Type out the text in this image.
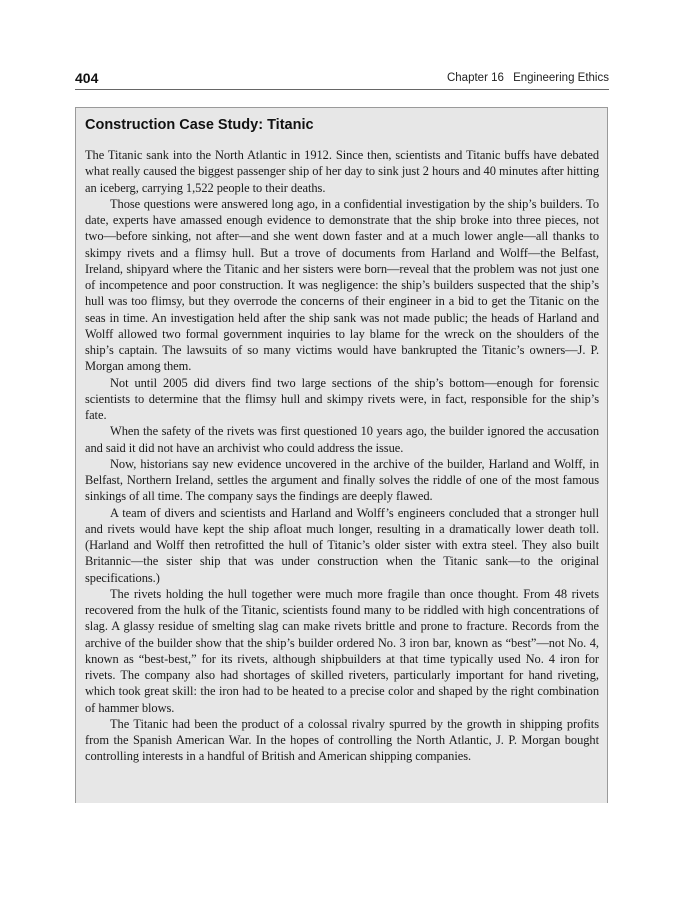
404	Chapter 16 Engineering Ethics
Construction Case Study: Titanic

The Titanic sank into the North Atlantic in 1912. Since then, scientists and Titanic buffs have debated what really caused the biggest passenger ship of her day to sink just 2 hours and 40 minutes after hitting an iceberg, carrying 1,522 people to their deaths.

Those questions were answered long ago, in a confidential investigation by the ship’s builders. To date, experts have amassed enough evidence to demonstrate that the ship broke into three pieces, not two—before sinking, not after—and she went down faster and at a much lower angle—all thanks to skimpy rivets and a flimsy hull. But a trove of documents from Harland and Wolff—the Belfast, Ireland, shipyard where the Titanic and her sisters were born—reveal that the problem was not just one of incompetence and poor construction. It was negligence: the ship’s builders suspected that the ship’s hull was too flimsy, but they overrode the concerns of their engineer in a bid to get the Titanic on the seas in time. An investigation held after the ship sank was not made public; the heads of Harland and Wolff allowed two formal government inquiries to lay blame for the wreck on the shoulders of the ship’s captain. The lawsuits of so many victims would have bankrupted the Titanic’s owners—J. P. Morgan among them.

Not until 2005 did divers find two large sections of the ship’s bottom—enough for forensic scientists to determine that the flimsy hull and skimpy rivets were, in fact, responsible for the ship’s fate.

When the safety of the rivets was first questioned 10 years ago, the builder ignored the accusation and said it did not have an archivist who could address the issue.

Now, historians say new evidence uncovered in the archive of the builder, Harland and Wolff, in Belfast, Northern Ireland, settles the argument and finally solves the riddle of one of the most famous sinkings of all time. The company says the findings are deeply flawed.

A team of divers and scientists and Harland and Wolff’s engineers concluded that a stronger hull and rivets would have kept the ship afloat much longer, resulting in a dramatically lower death toll. (Harland and Wolff then retrofitted the hull of Titanic’s older sister with extra steel. They also built Britannic—the sister ship that was under construction when the Titanic sank—to the original specifications.)

The rivets holding the hull together were much more fragile than once thought. From 48 rivets recovered from the hulk of the Titanic, scientists found many to be riddled with high concentrations of slag. A glassy residue of smelting slag can make rivets brittle and prone to fracture. Records from the archive of the builder show that the ship’s builder ordered No. 3 iron bar, known as “best”—not No. 4, known as “best-best,” for its rivets, although shipbuilders at that time typically used No. 4 iron for rivets. The company also had shortages of skilled riveters, particularly important for hand riveting, which took great skill: the iron had to be heated to a precise color and shaped by the right combination of hammer blows.

The Titanic had been the product of a colossal rivalry spurred by the growth in shipping profits from the Spanish American War. In the hopes of controlling the North Atlantic, J. P. Morgan bought controlling interests in a handful of British and American shipping companies.
